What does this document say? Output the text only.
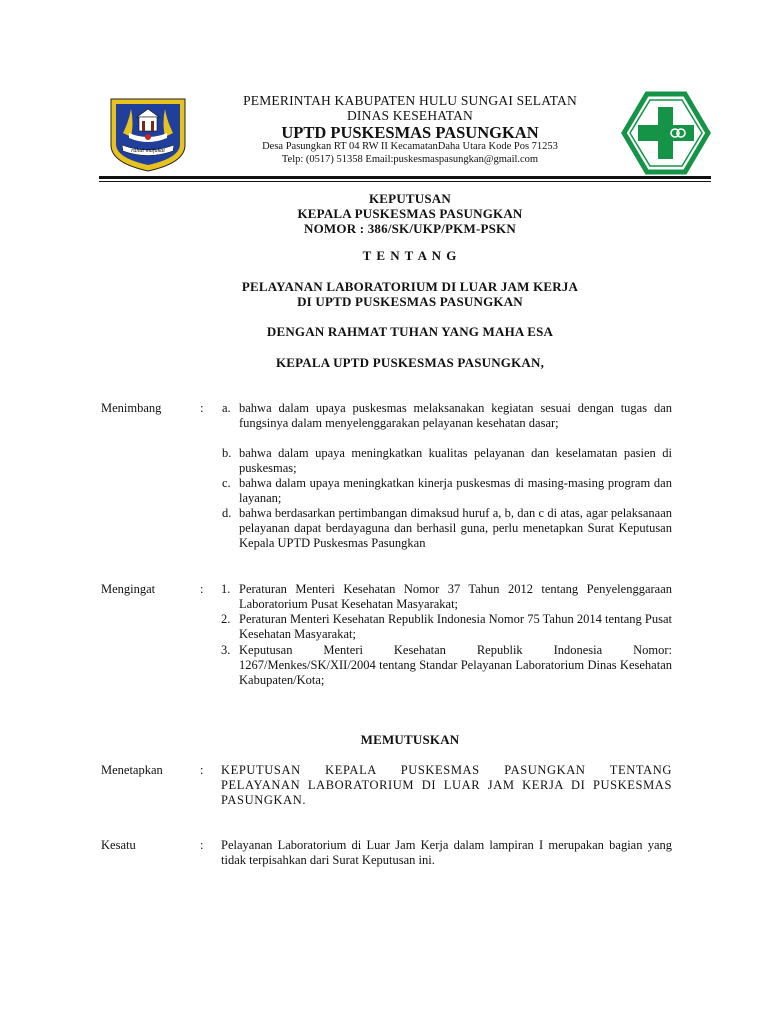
rahat mufakat
PEMERINTAH KABUPATEN HULU SUNGAI SELATAN
DINAS KESEHATAN
UPTD PUSKESMAS PASUNGKAN
Desa Pasungkan RT 04 RW II KecamatanDaha Utara Kode Pos 71253
Telp: (0517) 51358 Email:puskesmaspasungkan@gmail.com
KEPUTUSAN
KEPALA PUSKESMAS PASUNGKAN
NOMOR : 386/SK/UKP/PKM-PSKN
T E N T A N G
PELAYANAN LABORATORIUM DI LUAR JAM KERJA
DI UPTD PUSKESMAS PASUNGKAN
DENGAN RAHMAT TUHAN YANG MAHA ESA
KEPALA UPTD PUSKESMAS PASUNGKAN,
Menimbang	: a. bahwa dalam upaya puskesmas melaksanakan kegiatan sesuai dengan tugas dan fungsinya dalam menyelenggarakan pelayanan kesehatan dasar;
b. bahwa dalam upaya meningkatkan kualitas pelayanan dan keselamatan pasien di puskesmas;
c. bahwa dalam upaya meningkatkan kinerja puskesmas di masing-masing program dan layanan;
d. bahwa berdasarkan pertimbangan dimaksud huruf a, b, dan c di atas, agar pelaksanaan pelayanan dapat berdayaguna dan berhasil guna, perlu menetapkan Surat Keputusan Kepala UPTD Puskesmas Pasungkan
Mengingat	: 1. Peraturan Menteri Kesehatan Nomor 37 Tahun 2012 tentang Penyelenggaraan Laboratorium Pusat Kesehatan Masyarakat;
2. Peraturan Menteri Kesehatan Republik Indonesia Nomor 75 Tahun 2014 tentang Pusat Kesehatan Masyarakat;
3. Keputusan Menteri Kesehatan Republik Indonesia Nomor: 1267/Menkes/SK/XII/2004 tentang Standar Pelayanan Laboratorium Dinas Kesehatan Kabupaten/Kota;
MEMUTUSKAN
Menetapkan	: KEPUTUSAN KEPALA PUSKESMAS PASUNGKAN TENTANG PELAYANAN LABORATORIUM DI LUAR JAM KERJA DI PUSKESMAS PASUNGKAN.
Kesatu	: Pelayanan Laboratorium di Luar Jam Kerja dalam lampiran I merupakan bagian yang tidak terpisahkan dari Surat Keputusan ini.
